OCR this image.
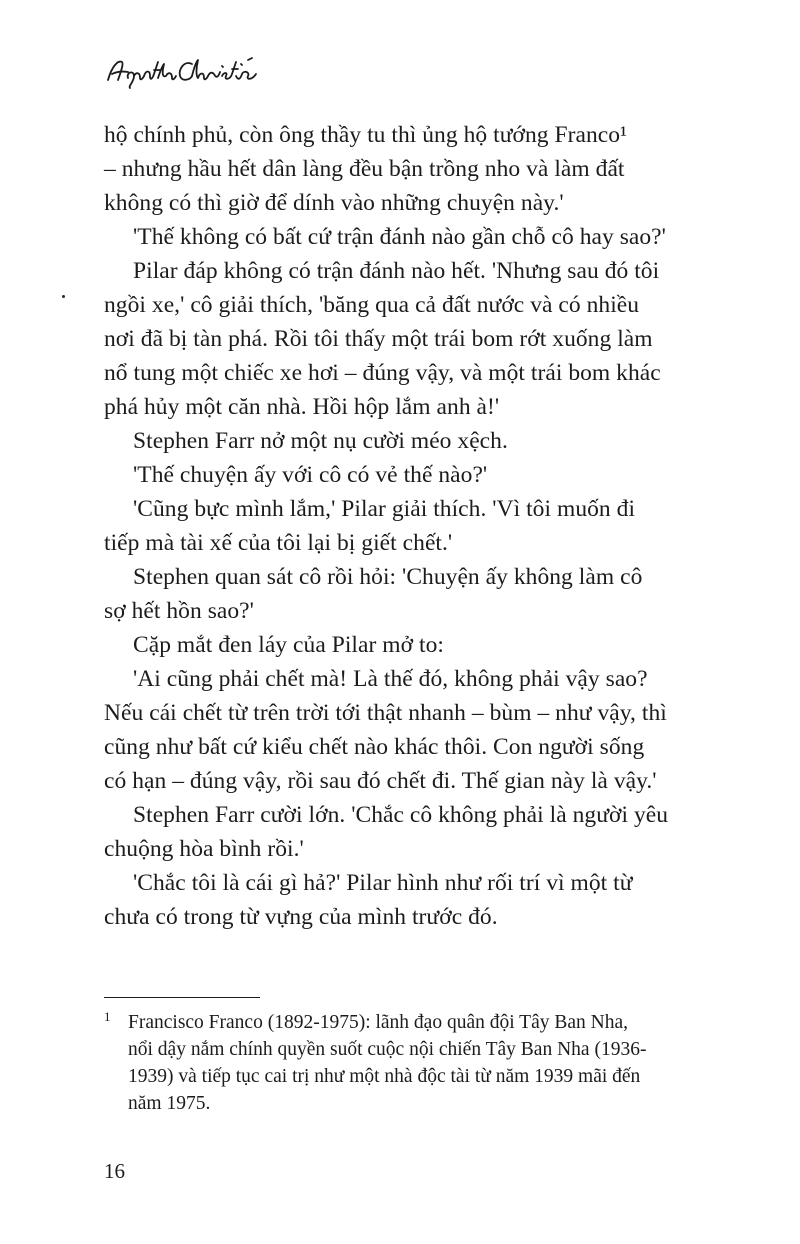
hộ chính phủ, còn ông thầy tu thì ủng hộ tướng Franco¹
– nhưng hầu hết dân làng đều bận trồng nho và làm đất
không có thì giờ để dính vào những chuyện này.'
'Thế không có bất cứ trận đánh nào gần chỗ cô hay sao?'
Pilar đáp không có trận đánh nào hết. 'Nhưng sau đó tôi
ngồi xe,' cô giải thích, 'băng qua cả đất nước và có nhiều
nơi đã bị tàn phá. Rồi tôi thấy một trái bom rớt xuống làm
nổ tung một chiếc xe hơi – đúng vậy, và một trái bom khác
phá hủy một căn nhà. Hồi hộp lắm anh à!'
Stephen Farr nở một nụ cười méo xệch.
'Thế chuyện ấy với cô có vẻ thế nào?'
'Cũng bực mình lắm,' Pilar giải thích. 'Vì tôi muốn đi
tiếp mà tài xế của tôi lại bị giết chết.'
Stephen quan sát cô rồi hỏi: 'Chuyện ấy không làm cô
sợ hết hồn sao?'
Cặp mắt đen láy của Pilar mở to:
'Ai cũng phải chết mà! Là thế đó, không phải vậy sao?
Nếu cái chết từ trên trời tới thật nhanh – bùm – như vậy, thì
cũng như bất cứ kiểu chết nào khác thôi. Con người sống
có hạn – đúng vậy, rồi sau đó chết đi. Thế gian này là vậy.'
Stephen Farr cười lớn. 'Chắc cô không phải là người yêu
chuộng hòa bình rồi.'
'Chắc tôi là cái gì hả?' Pilar hình như rối trí vì một từ
chưa có trong từ vựng của mình trước đó.
1 Francisco Franco (1892-1975): lãnh đạo quân đội Tây Ban Nha,
nổi dậy nắm chính quyền suốt cuộc nội chiến Tây Ban Nha (1936-
1939) và tiếp tục cai trị như một nhà độc tài từ năm 1939 mãi đến
năm 1975.
16
